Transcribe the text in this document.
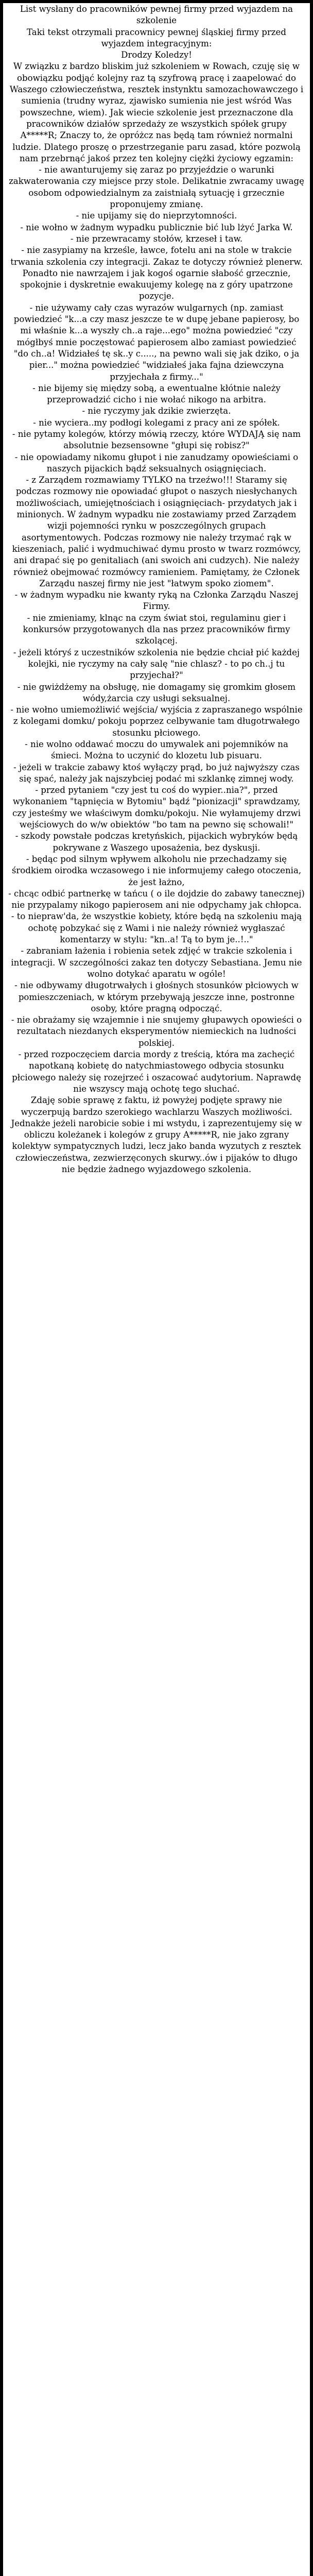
List wysłany do pracowników pewnej firmy przed wyjazdem na szkolenie
Taki tekst otrzymali pracownicy pewnej śląskiej firmy przed wyjazdem integracyjnym:
Drodzy Koledzy!
W związku z bardzo bliskim już szkoleniem w Rowach, czuję się w obowiązku podjąć kolejny raz tą szyfrową pracę i zaapelować do Waszego człowieczeństwa, resztek instynktu samozachowawczego i sumienia (trudny wyraz, zjawisko sumienia nie jest wśród Was powszechne, wiem). Jak wiecie szkolenie jest przeznaczone dla pracowników działów sprzedaży ze wszystkich spółek grupy A*****R; Znaczy to, że opróżcz nas będą tam również normalni ludzie. Dlatego proszę o przestrzeganie paru zasad, które pozwolą nam przebrnąć jakoś przez ten kolejny ciężki życiowy egzamin:
- nie awanturujemy się zaraz po przyjeździe o warunki zakwaterowania czy miejsce przy stole. Delikatnie zwracamy uwagę osobom odpowiedzialnym za zaistniałą sytuację i grzecznie proponujemy zmianę.
- nie upijamy się do nieprzytomności.
- nie wołno w żadnym wypadku publicznie bić lub lżyć Jarka W.
- nie przewracamy stołów, krzeseł i taw.
- nie zasypiamy na krześle, ławce, fotelu ani na stole w trakcie trwania szkolenia czy integracji. Zakaz te dotyczy również plenerw. Ponadto nie nawrzajem i jak kogoś ogarnie słabość grzecznie, spokojnie i dyskretnie ewakuujemy kolegę na z góry upatrzone pozycje.
- nie używamy cały czas wyrazów wulgarnych (np. zamiast powiedzieć "k...a czy masz jeszcze te w dupę jebane papierosy, bo mi właśnie k...a wyszły ch..a raje...ego" można powiedzieć "czy mógłbyś mnie poczęstować papierosem albo zamiast powiedzieć "do ch..a! Widziałeś tę sk..y c....., na pewno wali się jak dziko, o ja pier..." można powiedzieć "widziałeś jaka fajna dziewczyna przyjechała z firmy..."
- nie bijemy się między sobą, a ewentualne kłótnie należy przeprowadzić cicho i nie wołać nikogo na arbitra.
- nie ryczymy jak dzikie zwierzęta.
- nie wyciera..my podłogi kolegami z pracy ani ze spółek.
- nie pytamy kolegów, którzy mówią rzeczy, które WYDAJĄ się nam absolutnie bezsensowne "głupi się robisz?"
- nie opowiadamy nikomu głupot i nie zanudzamy opowieściami o naszych pijackich bądź seksualnych osiągnięciach.
- z Zarządem rozmawiamy TYLKO na trzeźwo!!! Staramy się podczas rozmowy nie opowiadać głupot o naszych niesłychanych możliwościach, umiejętnościach i osiągnięciach- przydatych jak i minionych. W żadnym wypadku nie zostawiamy przed Zarządem wizji pojemności rynku w poszczególnych grupach asortymentowych. Podczas rozmowy nie należy trzymać rąk w kieszeniach, palić i wydmuchiwać dymu prosto w twarz rozmówcy, ani drapać się po genitaliach (ani swoich ani cudzych). Nie należy również obejmować rozmówcy ramieniem. Pamiętamy, że Członek Zarządu naszej firmy nie jest "łatwym spoko ziomem".
- w żadnym wypadku nie kwanty ryką na Członka Zarządu Naszej Firmy.
- nie zmieniamy, klnąc na czym świat stoi, regulaminu gier i konkursów przygotowanych dla nas przez pracowników firmy szkolącej.
- jeżeli któryś z uczestników szkolenia nie będzie chciał pić każdej kolejki, nie ryczymy na cały salę "nie chlasz? - to po ch..j tu przyjechał?"
- nie gwiżdżemy na obsługę, nie domagamy się gromkim głosem wódy,żarcia czy usługi seksualnej.
- nie wołno umiemożliwić wejścia/ wyjścia z zapraszanego wspólnie z kolegami domku/ pokoju poprzez celbywanie tam długotrwałego stosunku płciowego.
- nie wolno oddawać moczu do umywalek ani pojemników na śmieci. Można to uczynić do klozetu lub pisuaru.
- jeżeli w trakcie zabawy ktoś wyłączy prąd, bo już najwyższy czas się spać, należy jak najszybciej podać mi szklankę zimnej wody.
- przed pytaniem "czy jest tu coś do wypier..nia?", przed wykonaniem "tąpnięcia w Bytomiu" bądź "pionizacji" sprawdzamy, czy jesteśmy we właściwym domku/pokoju. Nie wyłamujemy drzwi wejściowych do w/w obiektów "bo tam na pewno się schowali!"
- szkody powstałe podczas kretyńskich, pijackich wybryków będą pokrywane z Waszego uposażenia, bez dyskusji.
- będąc pod silnym wpływem alkoholu nie przechadzamy się środkiem oirodka wczasowego i nie informujemy całego otoczenia, że jest łażno,
- chcąc odbić partnerkę w tańcu ( o ile dojdzie do zabawy tanecznej) nie przypalamy nikogo papierosem ani nie odpychamy jak chłopca.
- to niepraw'da, że wszystkie kobiety, które będą na szkoleniu mają ochotę pobzykać się z Wami i nie należy również wygłaszać komentarzy w stylu: "kn..a! Tą to bym je..!.."
- zabraniam łażenia i robienia setek zdjęć w trakcie szkolenia i integracji. W szczególności zakaz ten dotyczy Sebastiana. Jemu nie wolno dotykać aparatu w ogóle!
- nie odbywamy długotrwałych i głośnych stosunków płciowych w pomieszczeniach, w którym przebywają jeszcze inne, postronne osoby, które pragną odpocząć.
- nie obrażamy się wzajemnie i nie snujemy głupawych opowieści o rezultatach niezdanych eksperymentów niemieckich na ludności polskiej.
- przed rozpoczęciem darcia mordy z treścią, która ma zacheçić napotkaną kobietę do natychmiastowego odbycia stosunku płciowego należy się rozejrzeć i oszacować audytorium. Naprawdę nie wszyscy mają ochotę tego słuchać.
Zdaję sobie sprawę z faktu, iż powyżej podjęte sprawy nie wyczerpują bardzo szerokiego wachlarzu Waszych możliwości. Jednakże jeżeli narobicie sobie i mi wstydu, i zaprezentujemy się w obliczu koleżanek i kolegów z grupy A*****R, nie jako zgrany kolektyw sympatycznych ludzi, lecz jako banda wyzutych z resztek człowieczeństwa, zezwierzęconych skurwy..ów i pijaków to długo nie będzie żadnego wyjazdowego szkolenia.
